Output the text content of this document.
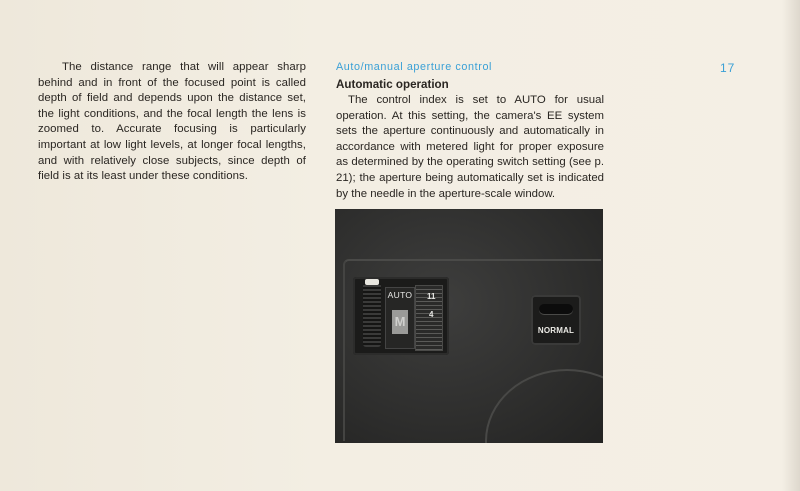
The distance range that will appear sharp behind and in front of the focused point is called depth of field and depends upon the distance set, the light conditions, and the focal length the lens is zoomed to. Accurate focusing is particularly important at low light levels, at longer focal lengths, and with relatively close subjects, since depth of field is at its least under these conditions.

Auto/manual aperture control
Automatic operation

The control index is set to AUTO for usual operation. At this setting, the camera's EE system sets the aperture continuously and automatically in accordance with metered light for proper exposure as determined by the operating switch setting (see p. 21); the aperture being automatically set is indicated by the needle in the aperture-scale window.

17
AUTO
M
11
4
NORMAL
